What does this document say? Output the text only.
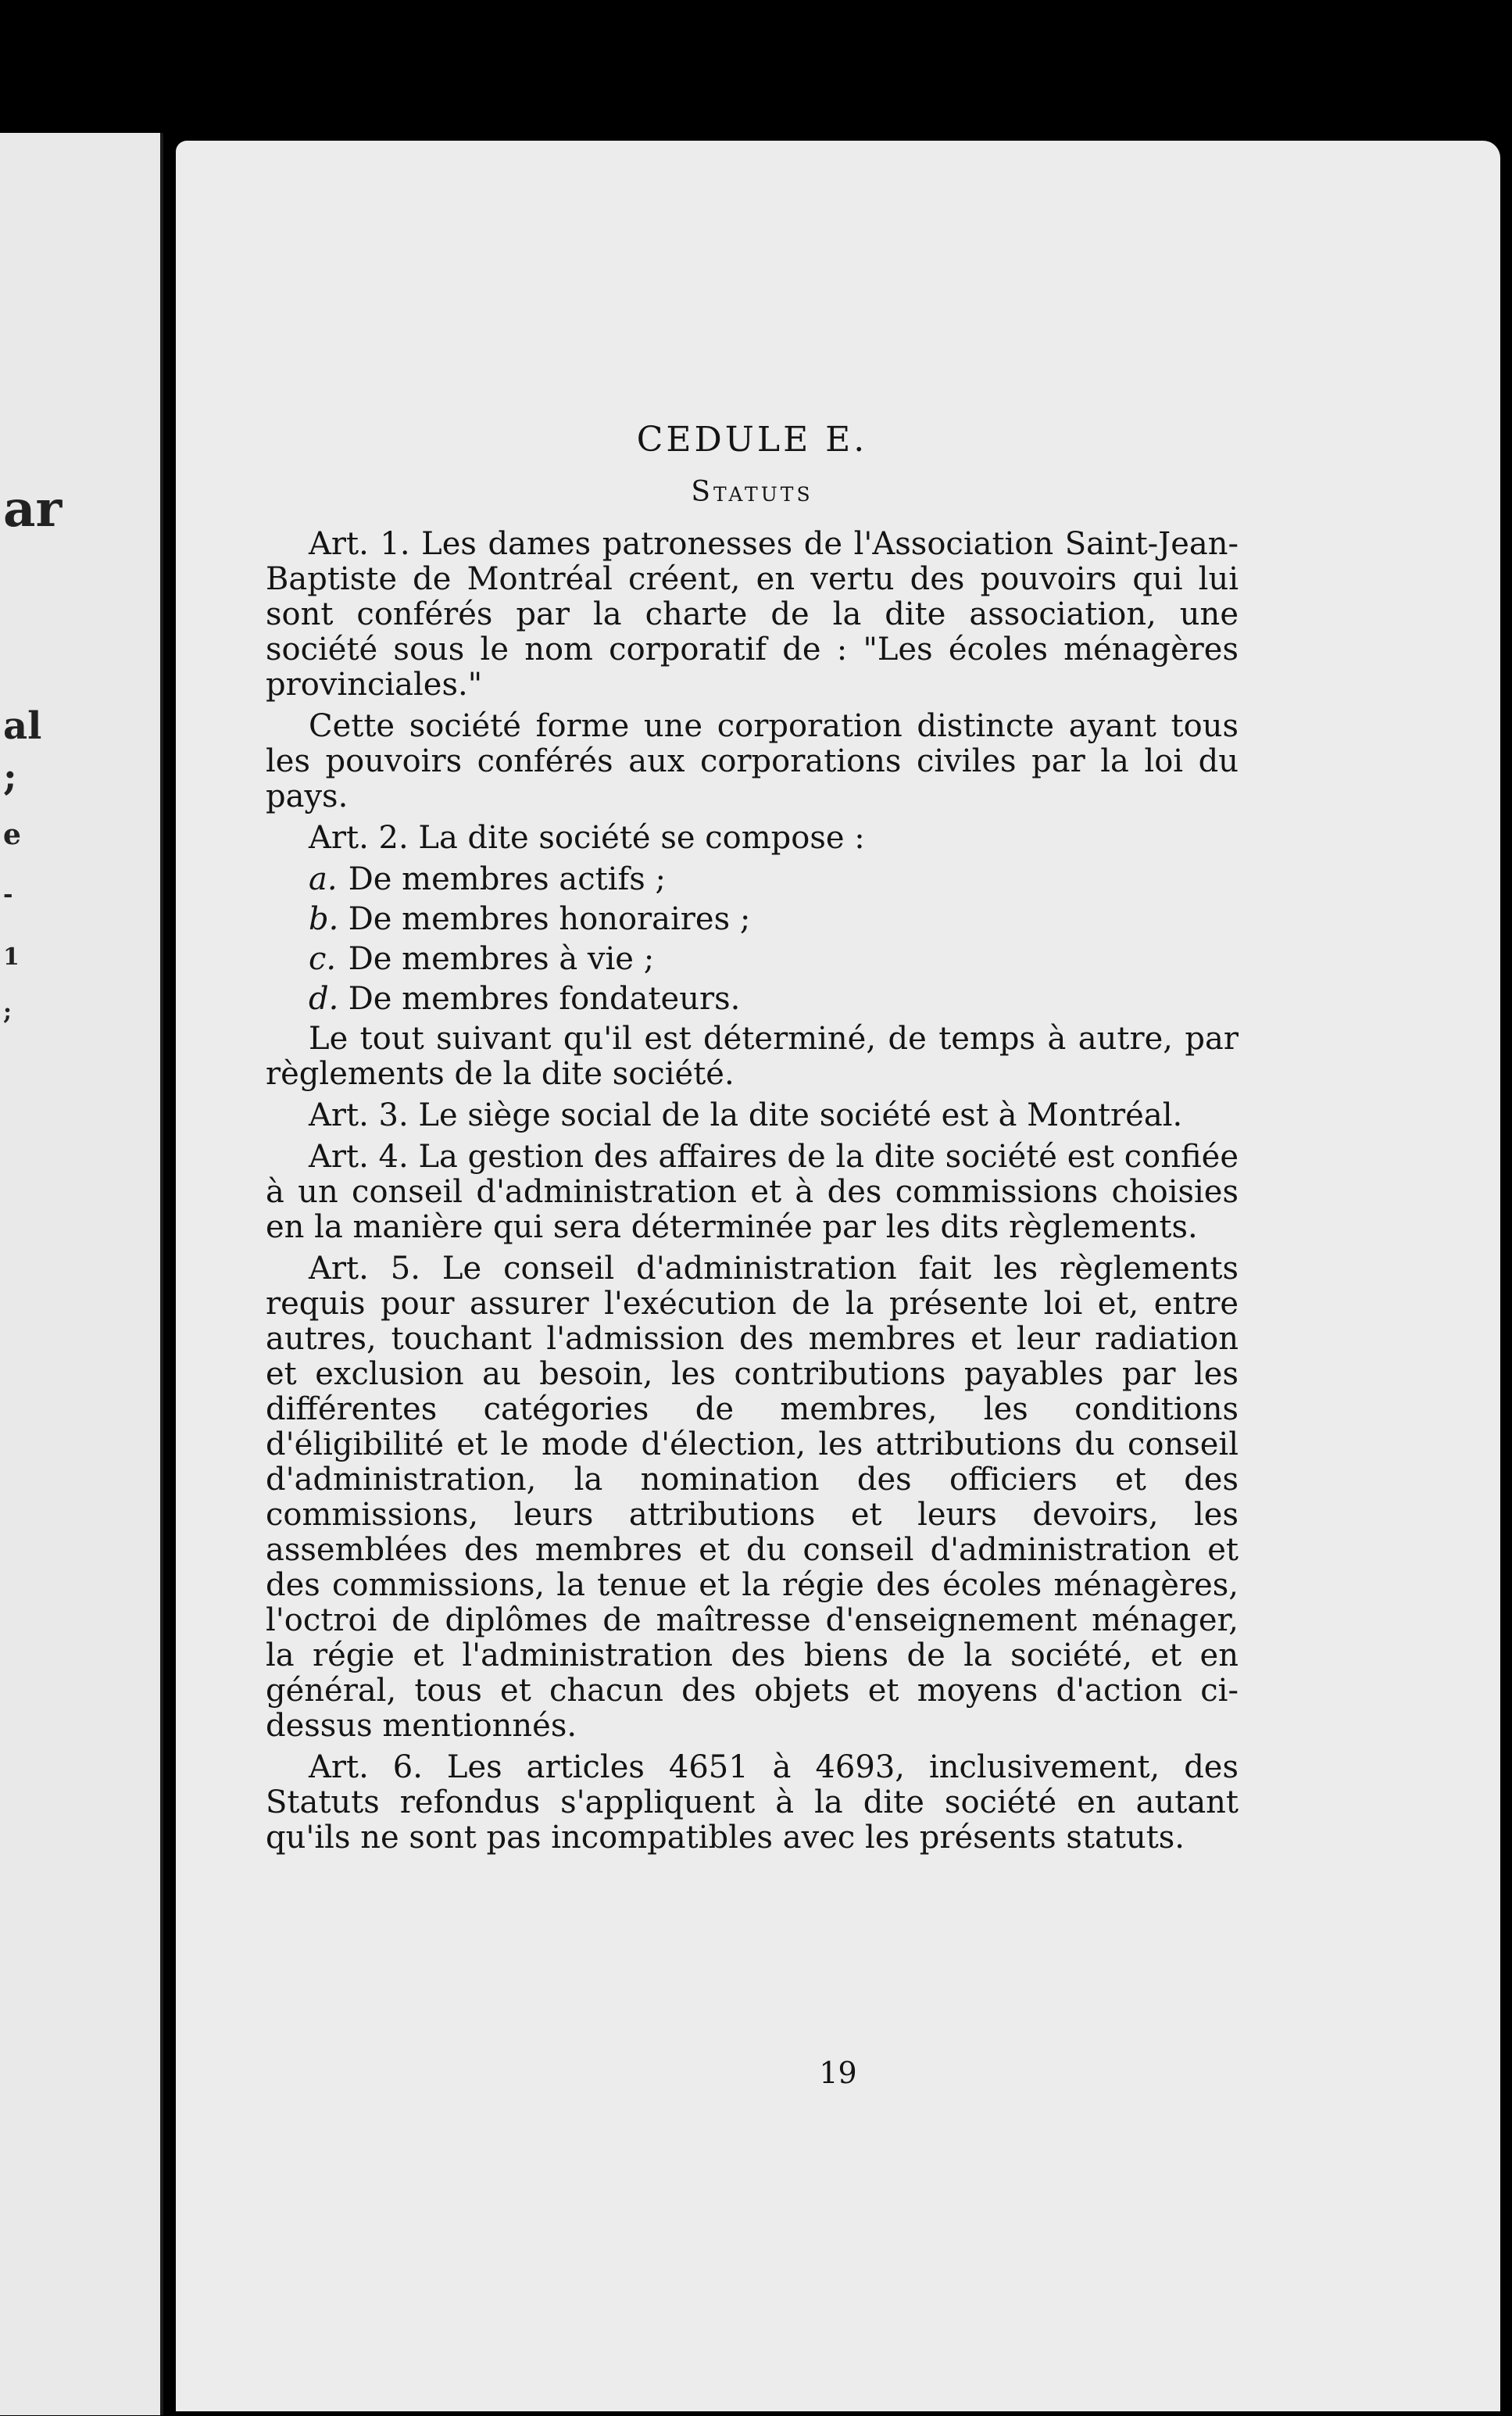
ar
al
;
e
-
1
;
CEDULE E.
Statuts

Art. 1. Les dames patronesses de l'Association Saint-Jean-Baptiste de Montréal créent, en vertu des pouvoirs qui lui sont conférés par la charte de la dite association, une société sous le nom corporatif de : "Les écoles ménagères provinciales."

Cette société forme une corporation distincte ayant tous les pouvoirs conférés aux corporations civiles par la loi du pays.

Art. 2. La dite société se compose :

a. De membres actifs ;
b. De membres honoraires ;
c. De membres à vie ;
d. De membres fondateurs.

Le tout suivant qu'il est déterminé, de temps à autre, par règlements de la dite société.

Art. 3. Le siège social de la dite société est à Montréal.

Art. 4. La gestion des affaires de la dite société est confiée à un conseil d'administration et à des commissions choisies en la manière qui sera déterminée par les dits règlements.

Art. 5. Le conseil d'administration fait les règlements requis pour assurer l'exécution de la présente loi et, entre autres, touchant l'admission des membres et leur radiation et exclusion au besoin, les contributions payables par les différentes catégories de membres, les conditions d'éligibilité et le mode d'élection, les attributions du conseil d'administration, la nomination des officiers et des commissions, leurs attributions et leurs devoirs, les assemblées des membres et du conseil d'administration et des commissions, la tenue et la régie des écoles ménagères, l'octroi de diplômes de maîtresse d'enseignement ménager, la régie et l'administration des biens de la société, et en général, tous et chacun des objets et moyens d'action ci-dessus mentionnés.

Art. 6. Les articles 4651 à 4693, inclusivement, des Statuts refondus s'appliquent à la dite société en autant qu'ils ne sont pas incompatibles avec les présents statuts.

19
